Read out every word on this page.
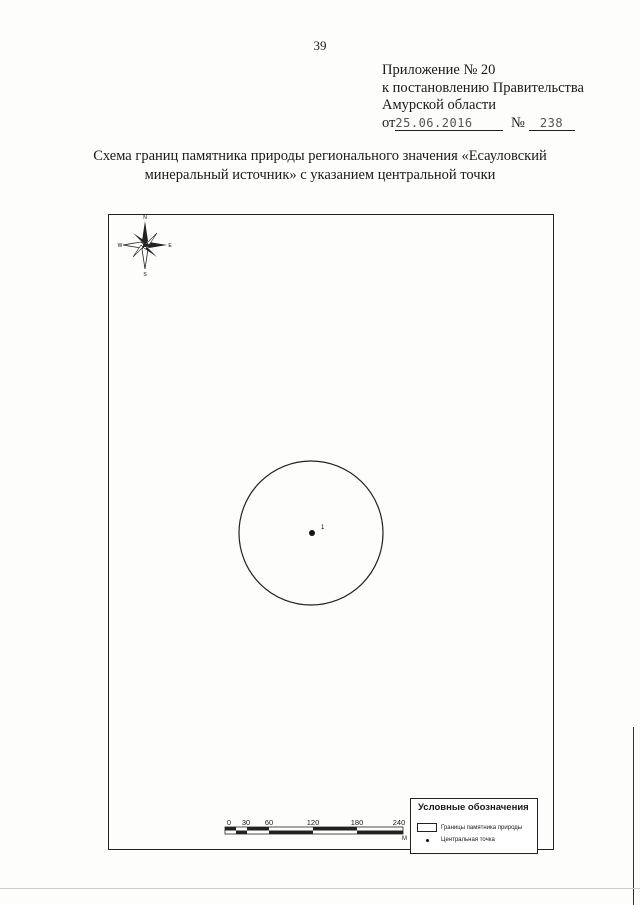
39
Приложение № 20
к постановлению Правительства
Амурской области
от25.06.2016	№ 238
Схема границ памятника природы регионального значения «Есауловский
минеральный источник» с указанием центральной точки
N
S
W	E
1
0 30 60	120	180	240
M
Условные обозначения
Границы памятника природы
Центральная точка
